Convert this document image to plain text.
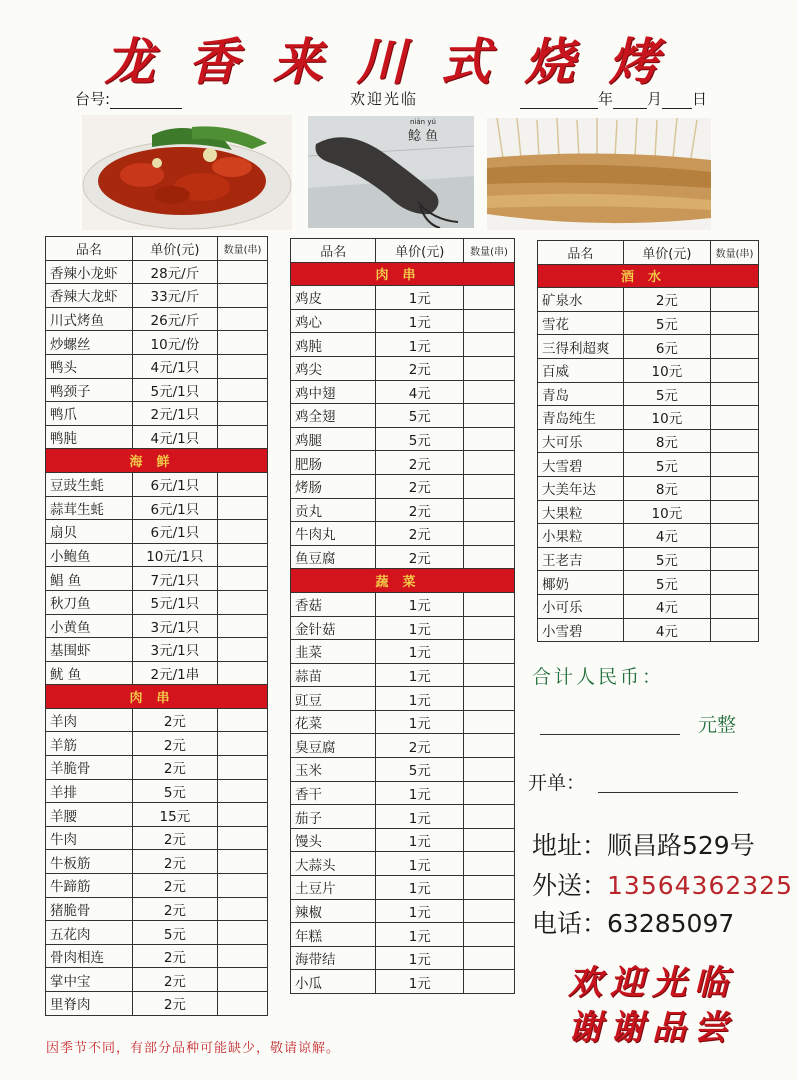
龙香来川式烧烤
台号:	欢迎光临	年 月 日
nián yú
鲶 鱼
品名	单价(元)	数量(串)
香辣小龙虾	28元/斤	
香辣大龙虾	33元/斤	
川式烤鱼	26元/斤	
炒螺丝	10元/份	
鸭头	4元/1只	
鸭颈子	5元/1只	
鸭爪	2元/1只	
鸭肫	4元/1只	
海鲜		
豆豉生蚝	6元/1只	
蒜茸生蚝	6元/1只	
扇贝	6元/1只	
小鲍鱼	10元/1只	
鲳 鱼	7元/1只	
秋刀鱼	5元/1只	
小黄鱼	3元/1只	
基围虾	3元/1只	
鱿 鱼	2元/1串	
肉串		
羊肉	2元	
羊筋	2元	
羊脆骨	2元	
羊排	5元	
羊腰	15元	
牛肉	2元	
牛板筋	2元	
牛蹄筋	2元	
猪脆骨	2元	
五花肉	5元	
骨肉相连	2元	
掌中宝	2元	
里脊肉	2元	
品名	单价(元)	数量(串)
肉串		
鸡皮	1元	
鸡心	1元	
鸡肫	1元	
鸡尖	2元	
鸡中翅	4元	
鸡全翅	5元	
鸡腿	5元	
肥肠	2元	
烤肠	2元	
贡丸	2元	
牛肉丸	2元	
鱼豆腐	2元	
蔬菜		
香菇	1元	
金针菇	1元	
韭菜	1元	
蒜苗	1元	
豇豆	1元	
花菜	1元	
臭豆腐	2元	
玉米	5元	
香干	1元	
茄子	1元	
馒头	1元	
大蒜头	1元	
土豆片	1元	
辣椒	1元	
年糕	1元	
海带结	1元	
小瓜	1元	
品名	单价(元)	数量(串)
酒水		
矿泉水	2元	
雪花	5元	
三得利超爽	6元	
百威	10元	
青岛	5元	
青岛纯生	10元	
大可乐	8元	
大雪碧	5元	
大美年达	8元	
大果粒	10元	
小果粒	4元	
王老吉	5元	
椰奶	5元	
小可乐	4元	
小雪碧	4元	
合计人民币：
元整
开单：
地址：顺昌路529号
外送：13564362325
电话：63285097
欢迎光临
谢谢品尝
因季节不同，有部分品种可能缺少，敬请谅解。
